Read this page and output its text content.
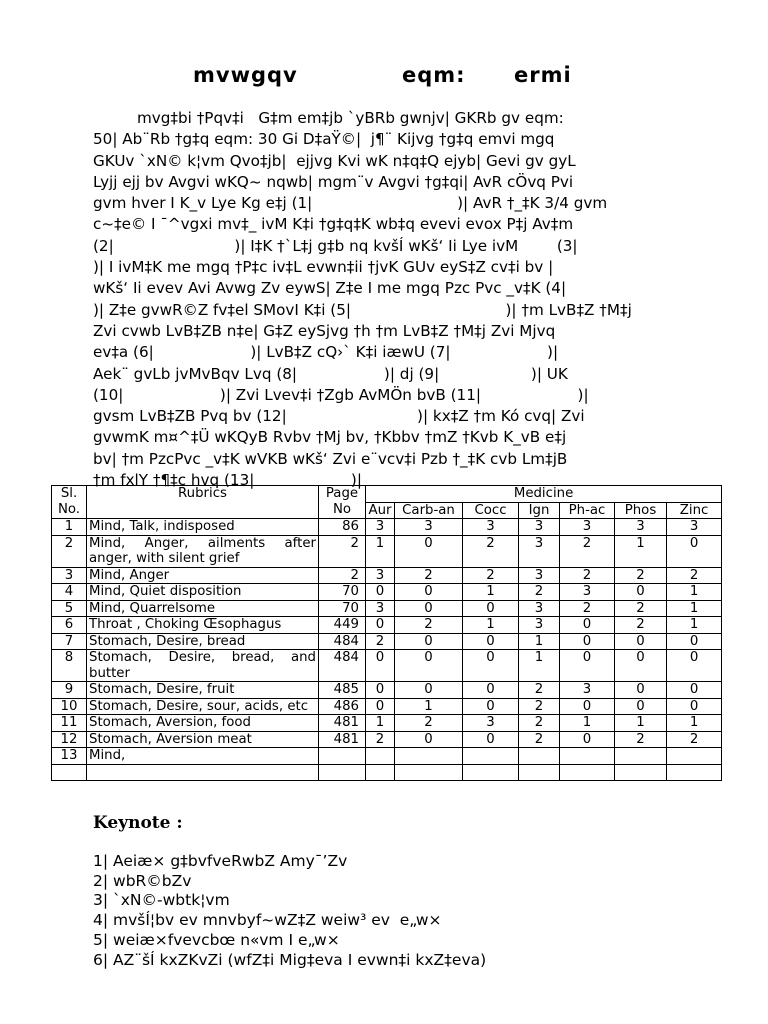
mvwgqv	eqm: ermi
mvg‡bi †Pqv‡i   G‡m em‡jb `yBRb gwnjv| GKRb gv eqm:
50| Ab¨Rb †g‡q eqm: 30 Gi D‡aŸ©|  j¶¨ Kijvg †g‡q emvi mgq
GKUv `xN© k¦vm Qvo‡jb|  ejjvg Kvi wK n‡q‡Q ejyb| Gevi gv gyL
Lyjj ejj bv Avgvi wKQ~ nqwb| mgm¨v Avgvi †g‡qi| AvR cÖvq Pvi
gvm hver I K_v Lye Kg e‡j (1|                              )| AvR †_‡K 3/4 gvm
c~‡e© I ¯^vgxi mv‡_ ivM K‡i †g‡q‡K wb‡q evevi evox P‡j Av‡m
(2|                         )| I‡K †`L‡j g‡b nq kvšÍ wKš‘ Ii Lye ivM        (3|
)| I ivM‡K me mgq †P‡c iv‡L evwn‡ii †jvK GUv eyS‡Z cv‡i bv |
wKš‘ Ii evev Avi Avwg Zv eywS| Z‡e I me mgq Pzc Pvc _v‡K (4|
)| Z‡e gvwR©Z fv‡el SMovI K‡i (5|                                )| †m LvB‡Z †M‡j
Zvi cvwb LvB‡ZB n‡e| G‡Z eySjvg †h †m LvB‡Z †M‡j Zvi Mjvq
ev‡a (6|                    )| LvB‡Z cQ›` K‡i iæwU (7|                    )|
Aek¨ gvLb jvMvBqv Lvq (8|                  )| dj (9|                   )| UK
(10|                    )| Zvi Lvev‡i †Zgb AvMÖn bvB (11|                    )|
gvsm LvB‡ZB Pvq bv (12|                           )| kx‡Z †m Kó cvq| Zvi
gvwmK m¤^‡Ü wKQyB Rvbv †Mj bv, †Kbbv †mZ †Kvb K_vB e‡j
bv| †m PzcPvc _v‡K wVKB wKš‘ Zvi e¨vcv‡i Pzb †_‡K cvb Lm‡jB
†m fxlY †¶‡c hvq (13|                    )|
Sl. No.	Rubrics	Page No	Medicine						
			Aur	Carb-an	Cocc	Ign	Ph-ac	Phos	Zinc
1	Mind, Talk, indisposed	86	3	3	3	3	3	3	3
2	Mind, Anger, ailments after anger, with silent grief	2	1	0	2	3	2	1	0
3	Mind, Anger	2	3	2	2	3	2	2	2
4	Mind, Quiet disposition	70	0	0	1	2	3	0	1
5	Mind, Quarrelsome	70	3	0	0	3	2	2	1
6	Throat , Choking Œsophagus	449	0	2	1	3	0	2	1
7	Stomach, Desire, bread	484	2	0	0	1	0	0	0
8	Stomach, Desire, bread, and butter	484	0	0	0	1	0	0	0
9	Stomach, Desire, fruit	485	0	0	0	2	3	0	0
10	Stomach, Desire, sour, acids, etc	486	0	1	0	2	0	0	0
11	Stomach, Aversion, food	481	1	2	3	2	1	1	1
12	Stomach, Aversion meat	481	2	0	0	2	0	2	2
13	Mind,								

Keynote :
1| Aeiæ× g‡bvfveRwbZ Amy¯’Zv
2| wbR©bZv
3| `xN©-wbtk¦vm
4| mvšÍ¦bv ev mnvbyf~wZ‡Z weiw³ ev  e„w×
5| weiæ×fvevcbœ n«vm I e„w×
6| AZ¨šÍ kxZKvZi (wfZ‡i Mig‡eva I evwn‡i kxZ‡eva)
